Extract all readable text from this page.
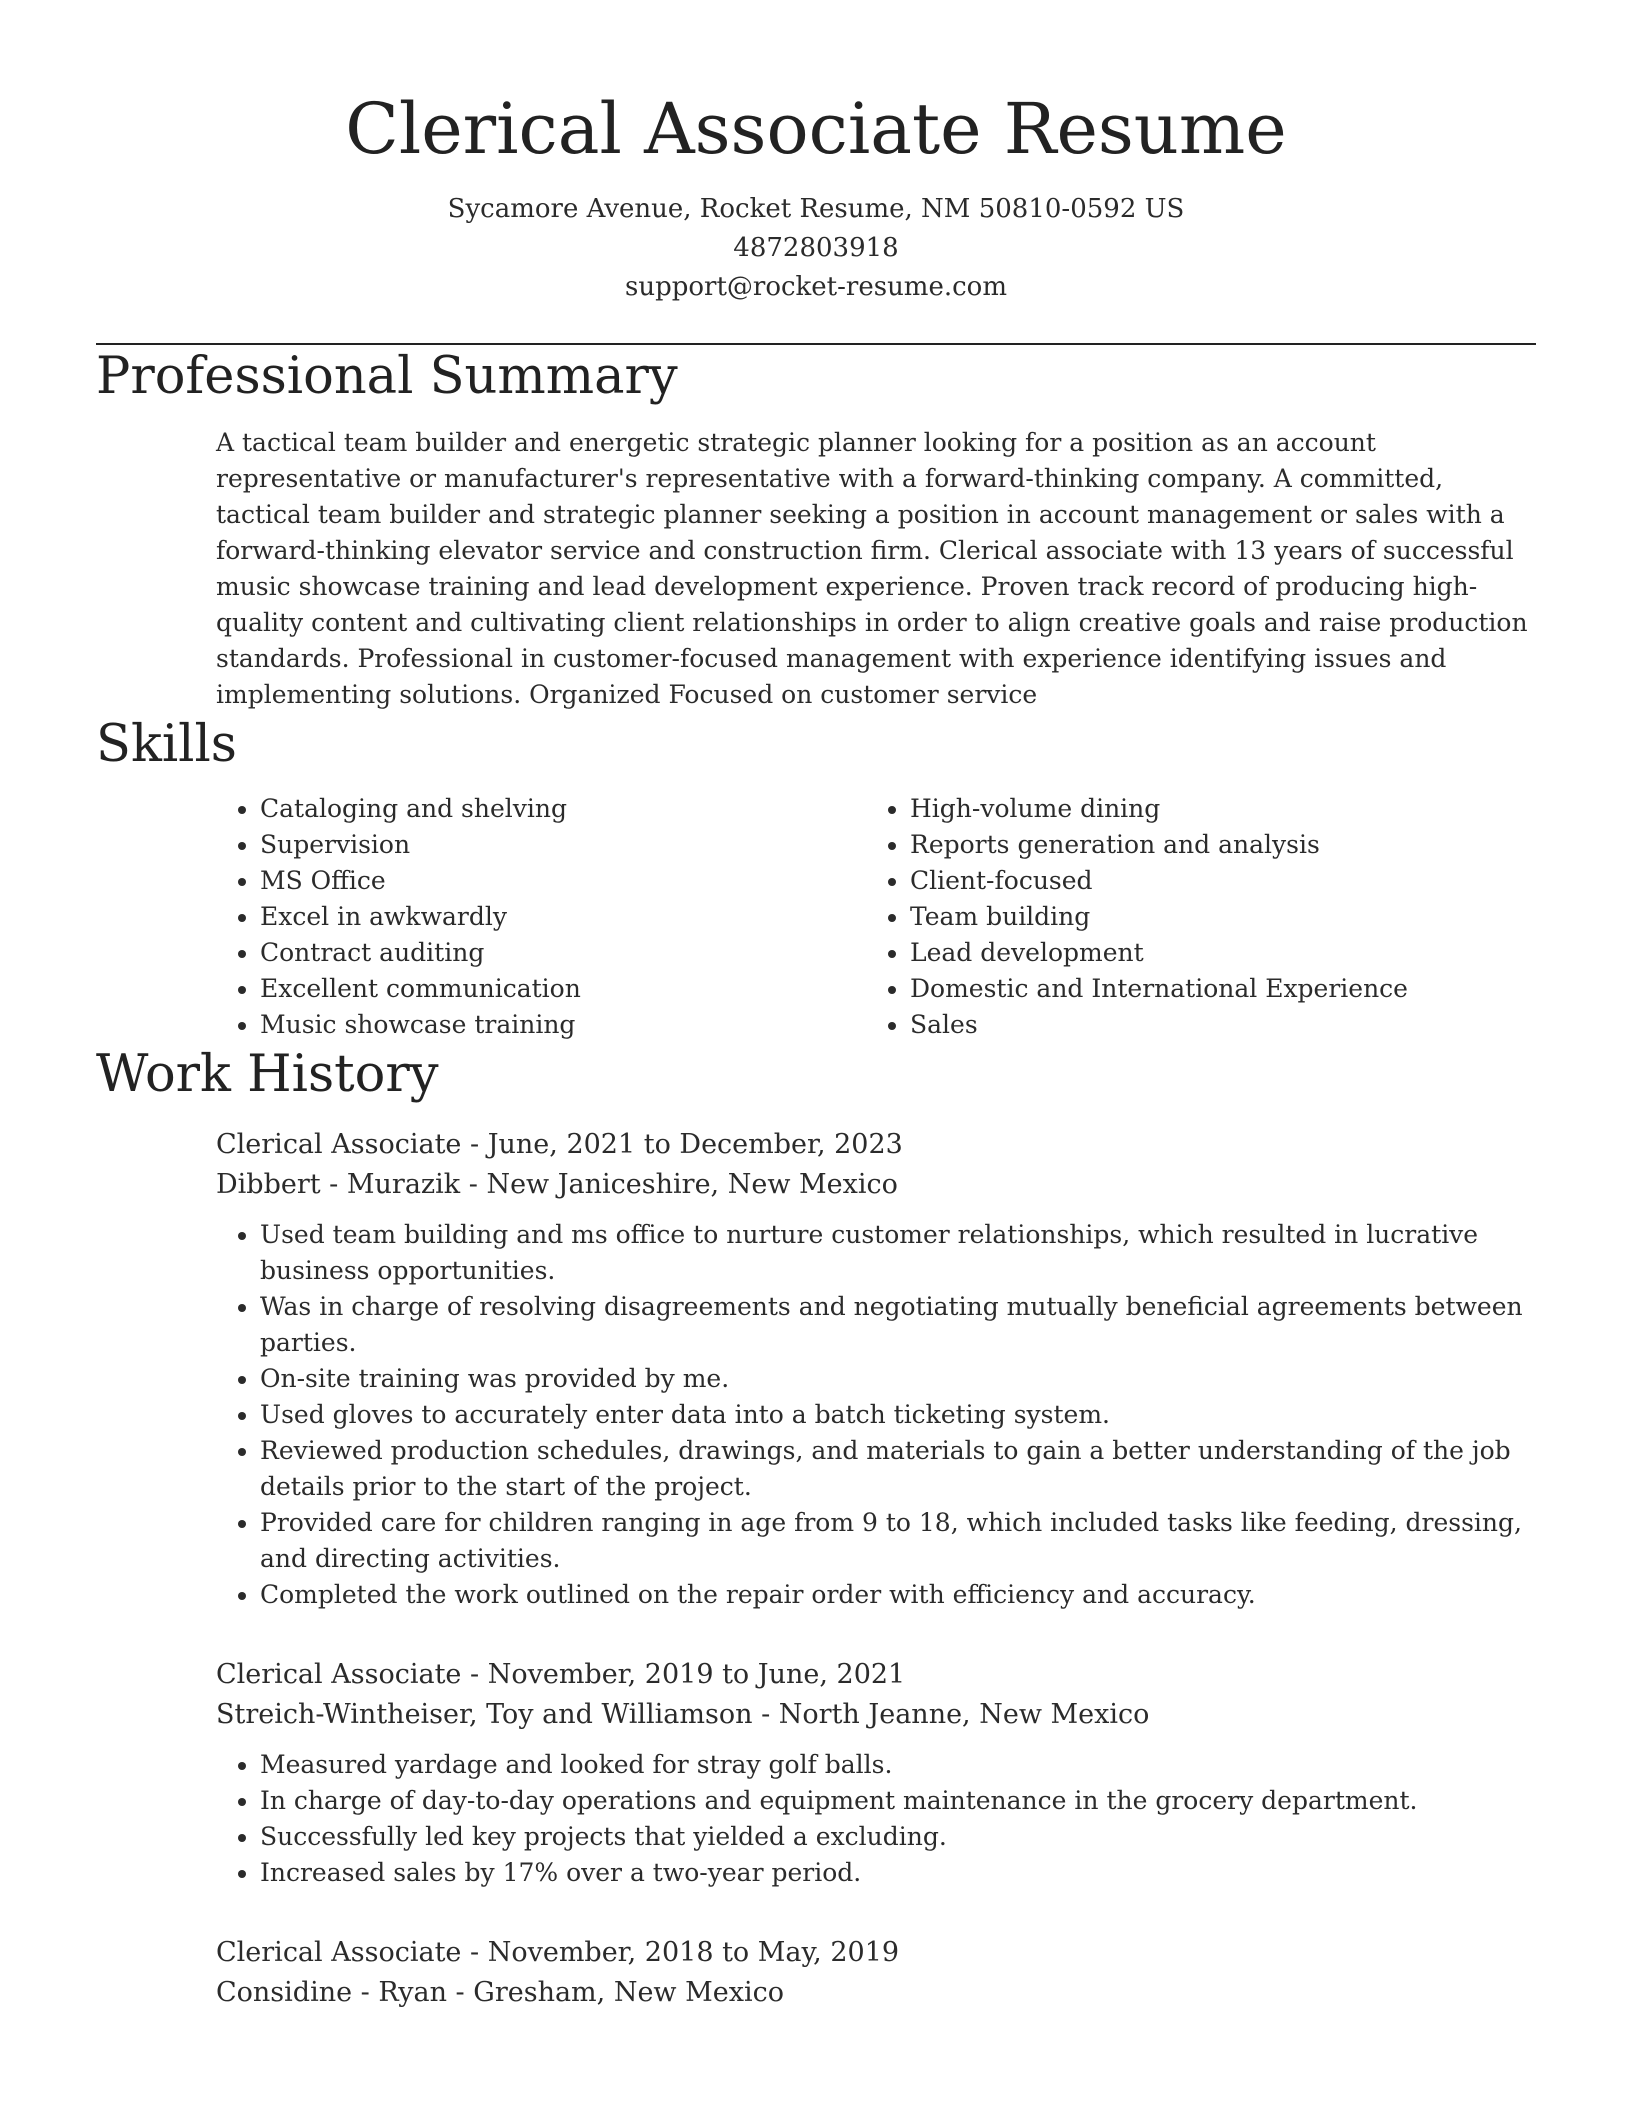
Clerical Associate Resume
Sycamore Avenue, Rocket Resume, NM 50810-0592 US
4872803918
support@rocket-resume.com
Professional Summary

A tactical team builder and energetic strategic planner looking for a position as an account representative or manufacturer's representative with a forward-thinking company. A committed, tactical team builder and strategic planner seeking a position in account management or sales with a forward-thinking elevator service and construction firm. Clerical associate with 13 years of successful music showcase training and lead development experience. Proven track record of producing high-quality content and cultivating client relationships in order to align creative goals and raise production standards. Professional in customer-focused management with experience identifying issues and implementing solutions. Organized Focused on customer service

Skills
• Cataloging and shelving
• Supervision
• MS Office
• Excel in awkwardly
• Contract auditing
• Excellent communication
• Music showcase training
• High-volume dining
• Reports generation and analysis
• Client-focused
• Team building
• Lead development
• Domestic and International Experience
• Sales
Work History
Clerical Associate - June, 2021 to December, 2023
Dibbert - Murazik - New Janiceshire, New Mexico
• Used team building and ms office to nurture customer relationships, which resulted in lucrative business opportunities.
• Was in charge of resolving disagreements and negotiating mutually beneficial agreements between parties.
• On-site training was provided by me.
• Used gloves to accurately enter data into a batch ticketing system.
• Reviewed production schedules, drawings, and materials to gain a better understanding of the job details prior to the start of the project.
• Provided care for children ranging in age from 9 to 18, which included tasks like feeding, dressing, and directing activities.
• Completed the work outlined on the repair order with efficiency and accuracy.
Clerical Associate - November, 2019 to June, 2021
Streich-Wintheiser, Toy and Williamson - North Jeanne, New Mexico
• Measured yardage and looked for stray golf balls.
• In charge of day-to-day operations and equipment maintenance in the grocery department.
• Successfully led key projects that yielded a excluding.
• Increased sales by 17% over a two-year period.
Clerical Associate - November, 2018 to May, 2019
Considine - Ryan - Gresham, New Mexico
